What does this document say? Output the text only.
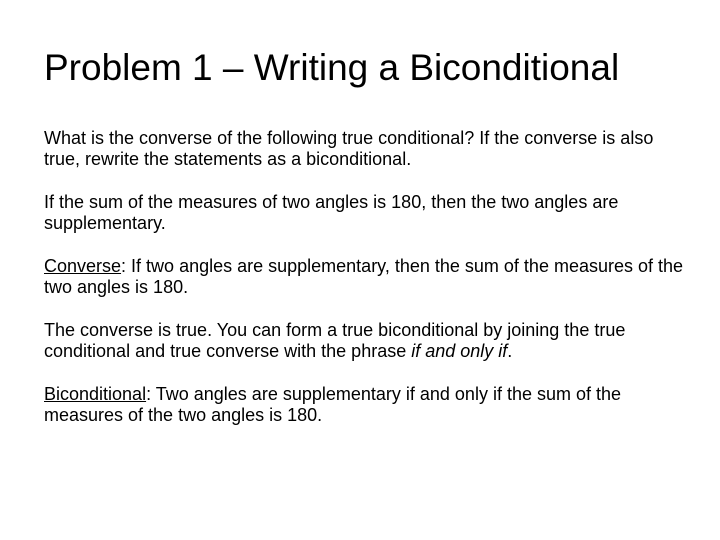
Problem 1 – Writing a Biconditional

What is the converse of the following true conditional? If the converse is also true, rewrite the statements as a biconditional.

If the sum of the measures of two angles is 180, then the two angles are supplementary.

Converse: If two angles are supplementary, then the sum of the measures of the two angles is 180.

The converse is true. You can form a true biconditional by joining the true conditional and true converse with the phrase if and only if.

Biconditional: Two angles are supplementary if and only if the sum of the measures of the two angles is 180.
